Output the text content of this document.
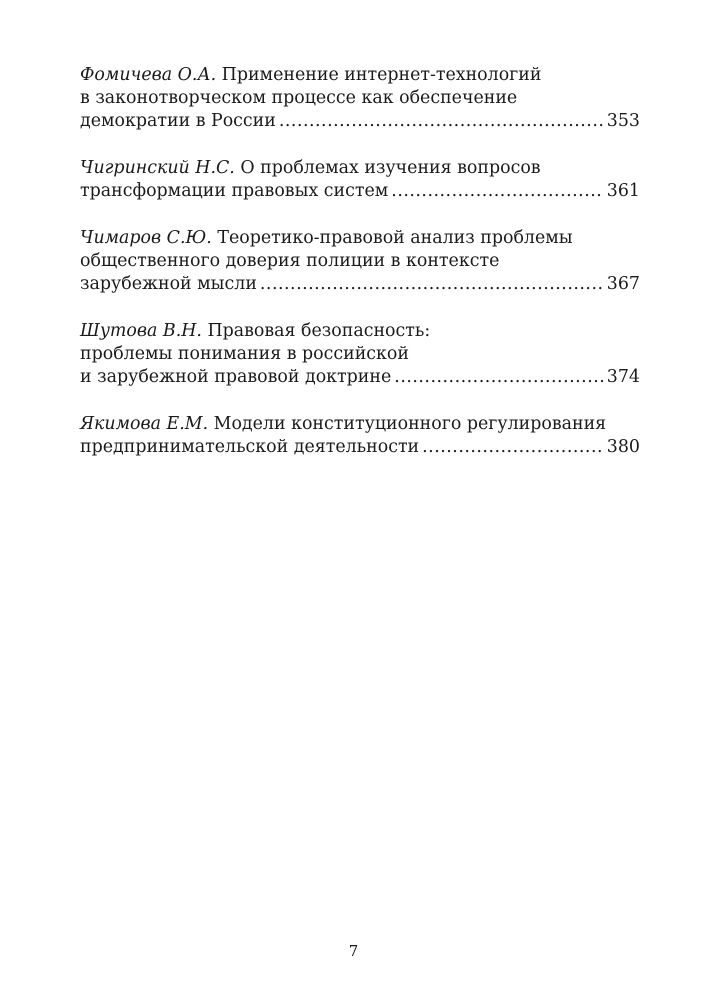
Фомичева О.А. Применение интернет-технологий
в законотворческом процессе как обеспечение
демократии в России .....	353
Чигринский Н.С. О проблемах изучения вопросов
трансформации правовых систем .....	361
Чимаров С.Ю. Теоретико-правовой анализ проблемы
общественного доверия полиции в контексте
зарубежной мысли .....	367
Шутова В.Н. Правовая безопасность:
проблемы понимания в российской
и зарубежной правовой доктрине .....	374
Якимова Е.М. Модели конституционного регулирования
предпринимательской деятельности .....	380
7
